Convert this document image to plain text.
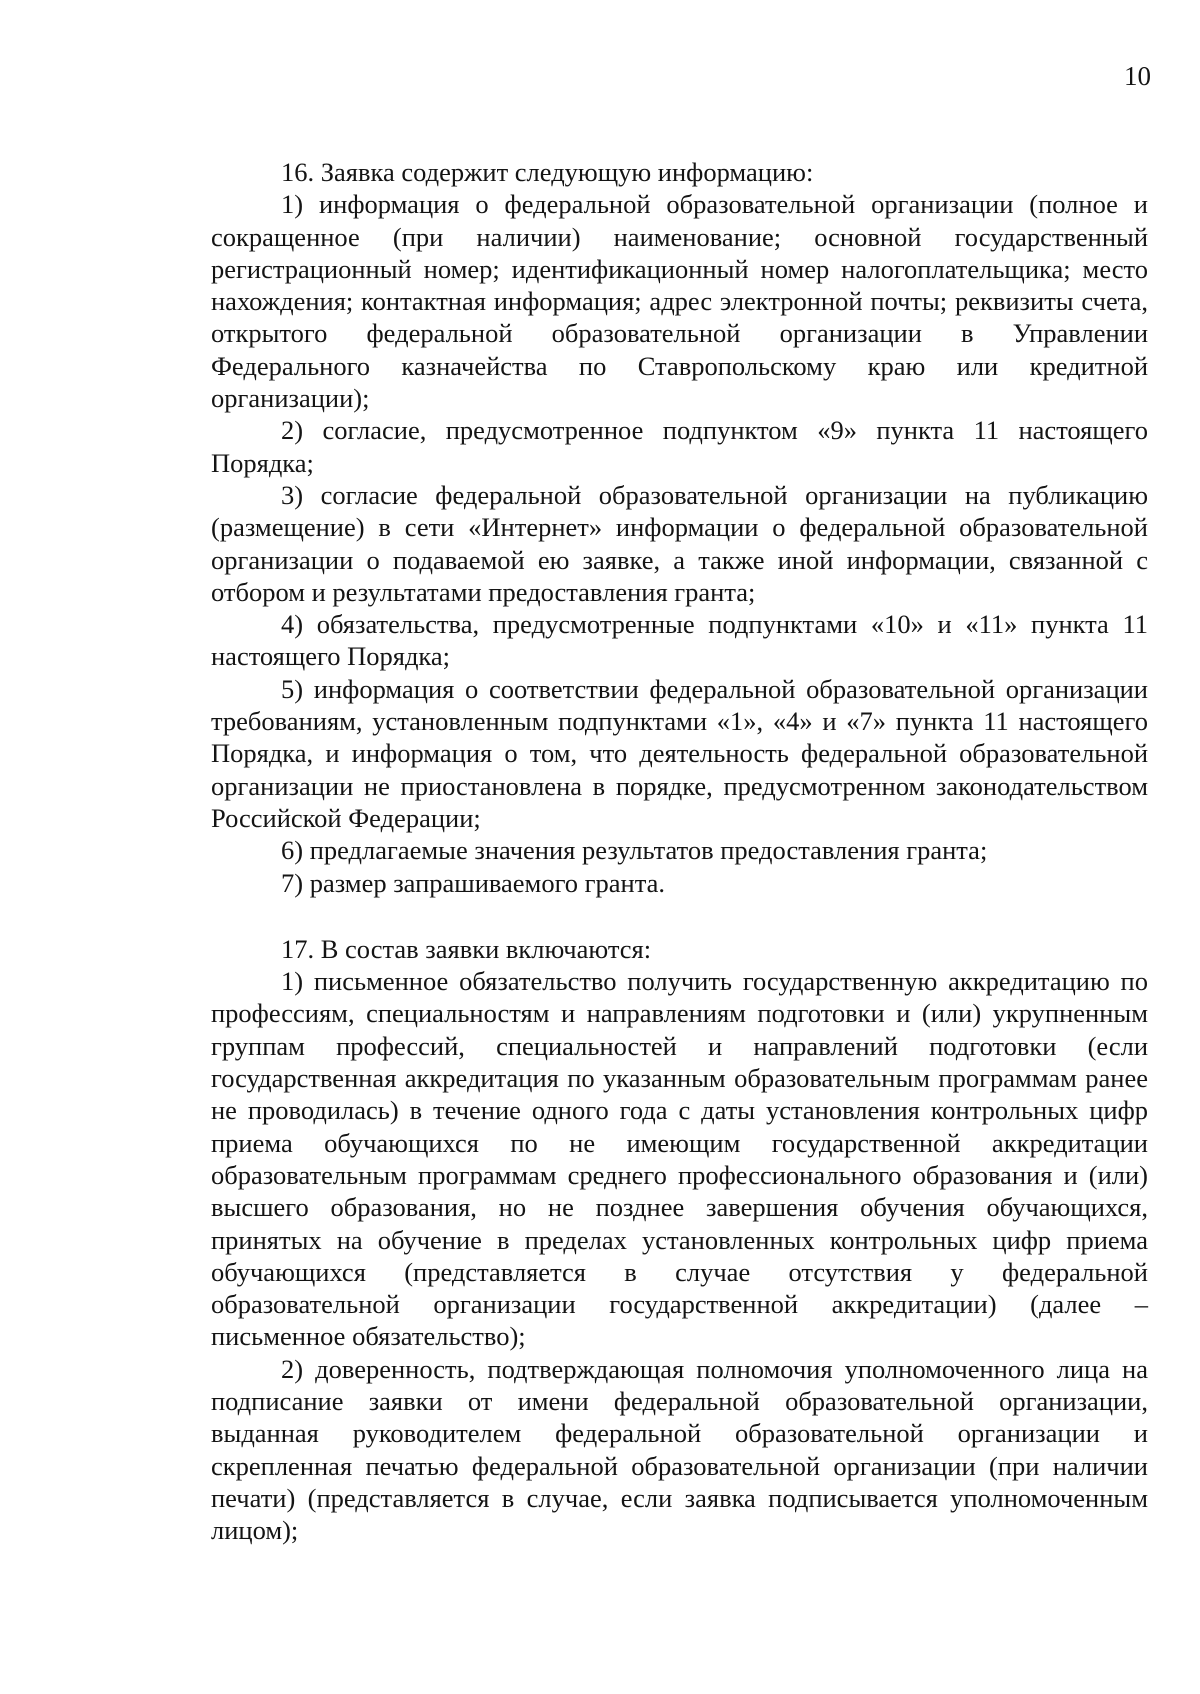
10

16. Заявка содержит следующую информацию:

1) информация о федеральной образовательной организации (полное и сокращенное (при наличии) наименование; основной государственный регистрационный номер; идентификационный номер налогоплательщика; место нахождения; контактная информация; адрес электронной почты; реквизиты счета, открытого федеральной образовательной организации в Управлении Федерального казначейства по Ставропольскому краю или кредитной организации);

2) согласие, предусмотренное подпунктом «9» пункта 11 настоящего Порядка;

3) согласие федеральной образовательной организации на публикацию (размещение) в сети «Интернет» информации о федеральной образовательной организации о подаваемой ею заявке, а также иной информации, связанной с отбором и результатами предоставления гранта;

4) обязательства, предусмотренные подпунктами «10» и «11» пункта 11 настоящего Порядка;

5) информация о соответствии федеральной образовательной организации требованиям, установленным подпунктами «1», «4» и «7» пункта 11 настоящего Порядка, и информация о том, что деятельность федеральной образовательной организации не приостановлена в порядке, предусмотренном законодательством Российской Федерации;

6) предлагаемые значения результатов предоставления гранта;

7) размер запрашиваемого гранта.

17. В состав заявки включаются:

1) письменное обязательство получить государственную аккредитацию по профессиям, специальностям и направлениям подготовки и (или) укрупненным группам профессий, специальностей и направлений подготовки (если государственная аккредитация по указанным образовательным программам ранее не проводилась) в течение одного года с даты установления контрольных цифр приема обучающихся по не имеющим государственной аккредитации образовательным программам среднего профессионального образования и (или) высшего образования, но не позднее завершения обучения обучающихся, принятых на обучение в пределах установленных контрольных цифр приема обучающихся (представляется в случае отсутствия у федеральной образовательной организации государственной аккредитации) (далее – письменное обязательство);

2) доверенность, подтверждающая полномочия уполномоченного лица на подписание заявки от имени федеральной образовательной организации, выданная руководителем федеральной образовательной организации и скрепленная печатью федеральной образовательной организации (при наличии печати) (представляется в случае, если заявка подписывается уполномоченным лицом);
